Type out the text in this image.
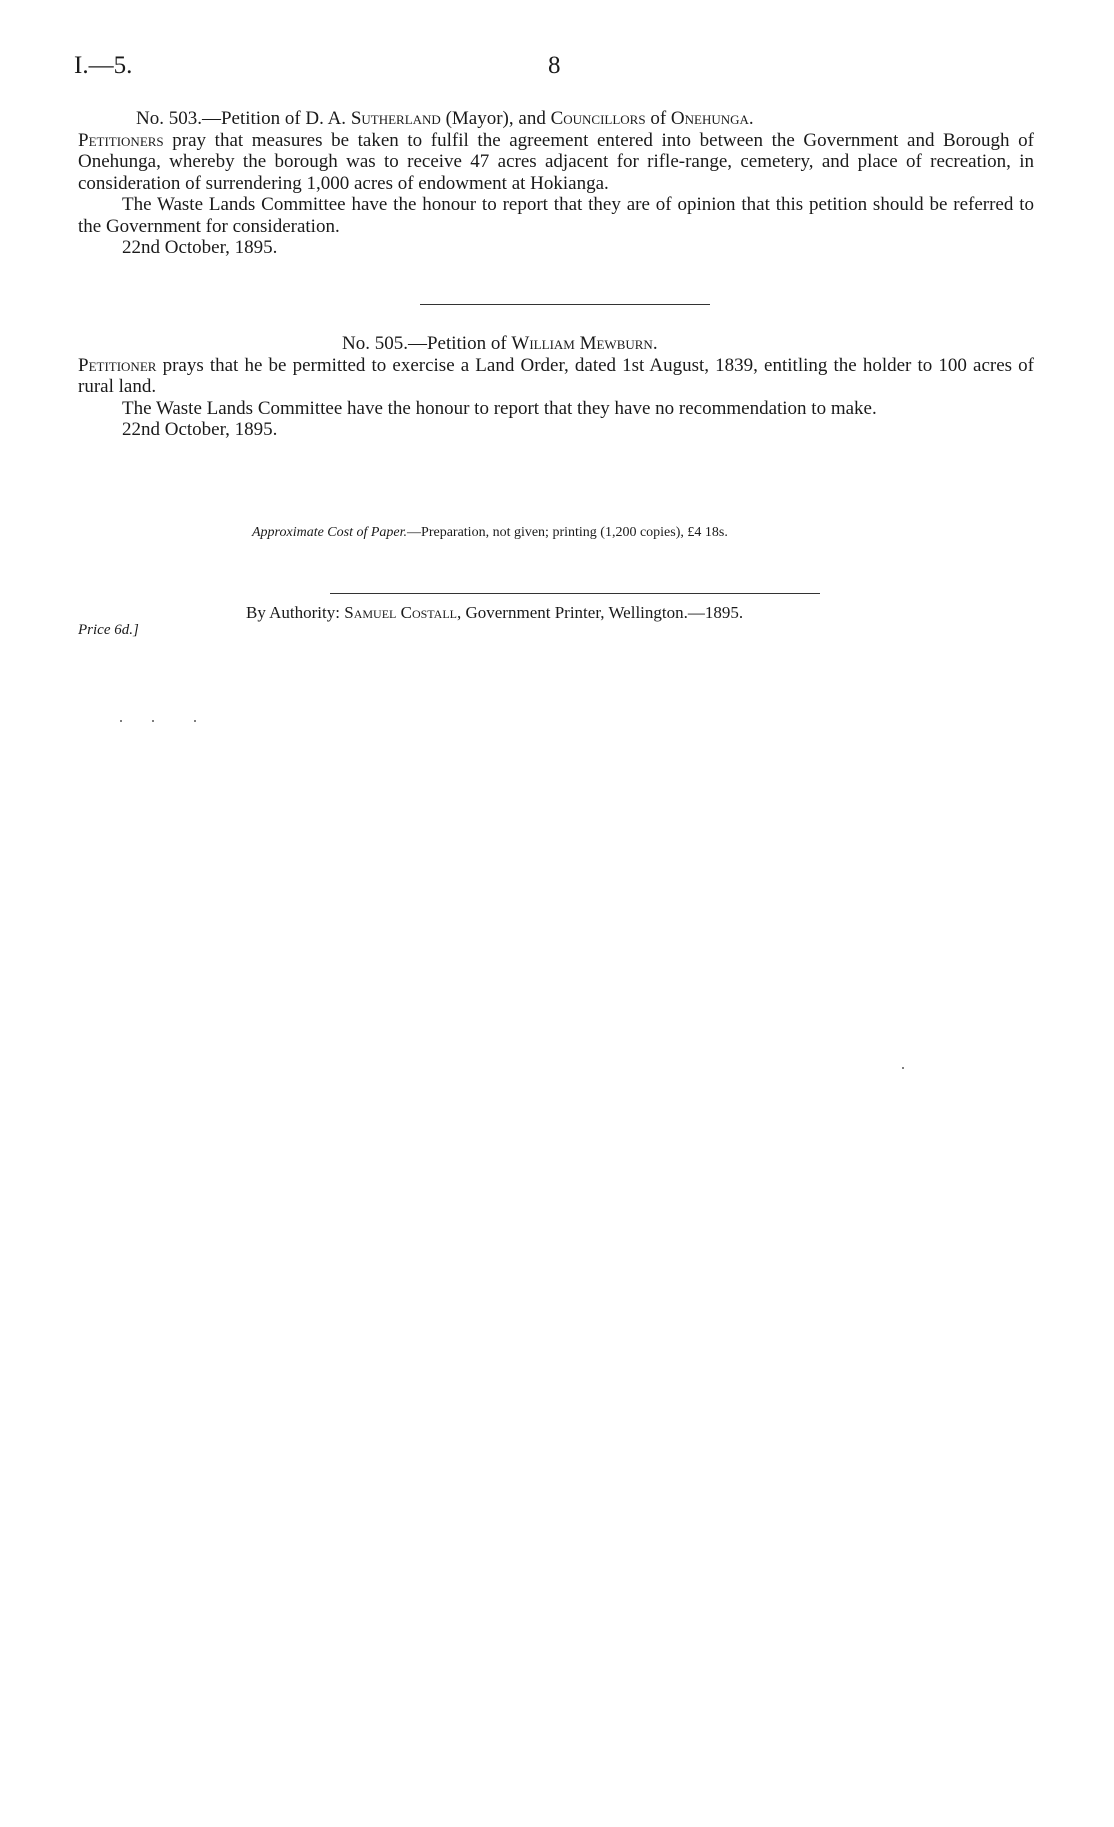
I.—5.	8

No. 503.—Petition of D. A. Sutherland (Mayor), and Councillors of Onehunga.

Petitioners pray that measures be taken to fulfil the agreement entered into between the Government and Borough of Onehunga, whereby the borough was to receive 47 acres adjacent for rifle-range, cemetery, and place of recreation, in consideration of surrendering 1,000 acres of endowment at Hokianga.

The Waste Lands Committee have the honour to report that they are of opinion that this petition should be referred to the Government for consideration.

22nd October, 1895.

No. 505.—Petition of William Mewburn.

Petitioner prays that he be permitted to exercise a Land Order, dated 1st August, 1839, entitling the holder to 100 acres of rural land.

The Waste Lands Committee have the honour to report that they have no recommendation to make.

22nd October, 1895.

Approximate Cost of Paper.—Preparation, not given; printing (1,200 copies), £4 18s.
Price 6d.]
By Authority: Samuel Costall, Government Printer, Wellington.—1895.
